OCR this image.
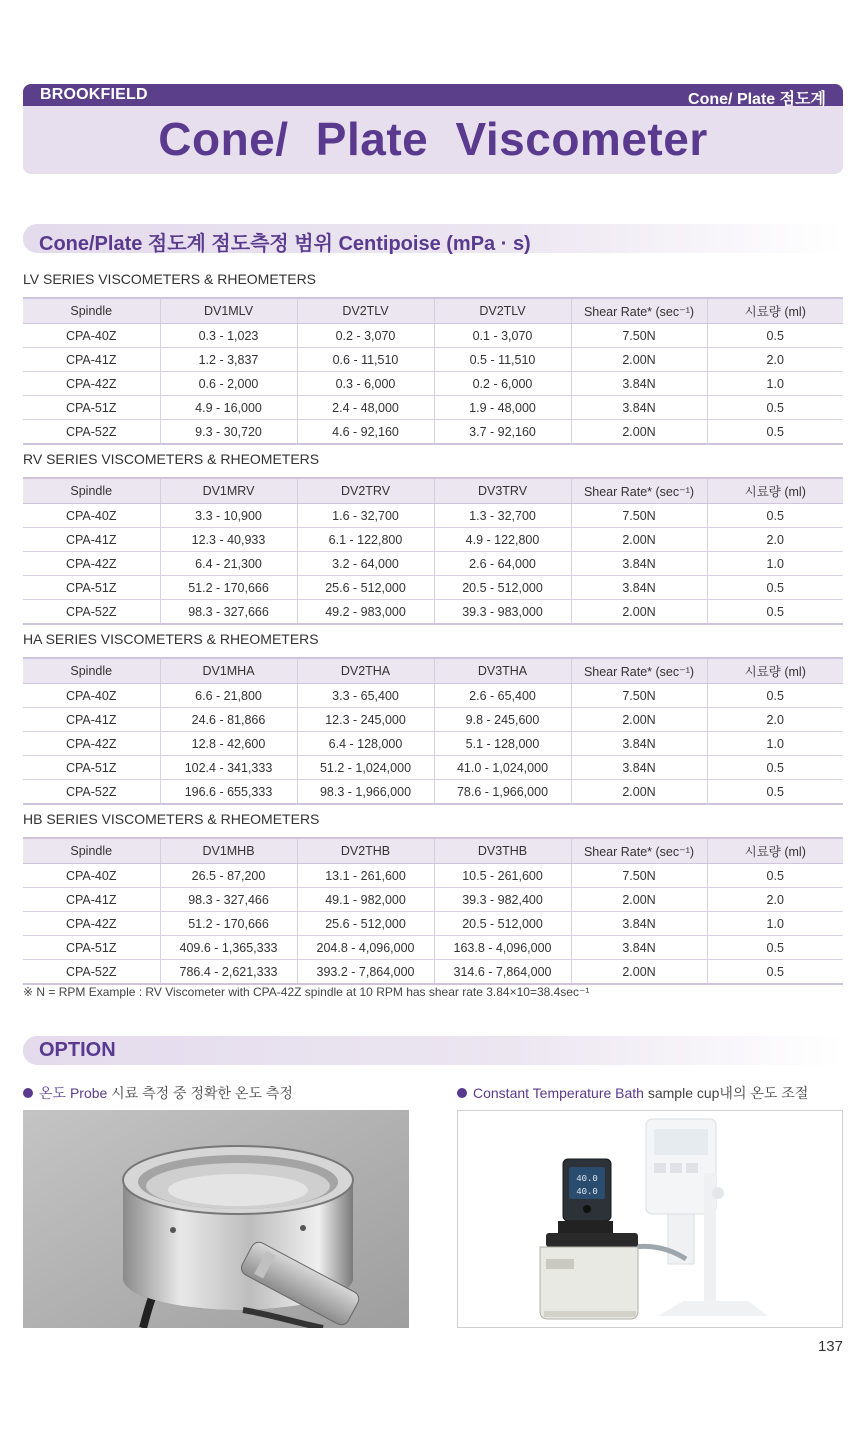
BROOKFIELD	Cone/ Plate 점도계
Cone/ Plate Viscometer
Cone/Plate 점도계 점도측정 범위 Centipoise (mPa · s)
LV SERIES VISCOMETERS & RHEOMETERS
Spindle	DV1MLV	DV2TLV	DV2TLV	Shear Rate* (sec⁻¹)	시료량 (ml)
CPA-40Z	0.3 - 1,023	0.2 - 3,070	0.1 - 3,070	7.50N	0.5
CPA-41Z	1.2 - 3,837	0.6 - 11,510	0.5 - 11,510	2.00N	2.0
CPA-42Z	0.6 - 2,000	0.3 - 6,000	0.2 - 6,000	3.84N	1.0
CPA-51Z	4.9 - 16,000	2.4 - 48,000	1.9 - 48,000	3.84N	0.5
CPA-52Z	9.3 - 30,720	4.6 - 92,160	3.7 - 92,160	2.00N	0.5
RV SERIES VISCOMETERS & RHEOMETERS
Spindle	DV1MRV	DV2TRV	DV3TRV	Shear Rate* (sec⁻¹)	시료량 (ml)
CPA-40Z	3.3 - 10,900	1.6 - 32,700	1.3 - 32,700	7.50N	0.5
CPA-41Z	12.3 - 40,933	6.1 - 122,800	4.9 - 122,800	2.00N	2.0
CPA-42Z	6.4 - 21,300	3.2 - 64,000	2.6 - 64,000	3.84N	1.0
CPA-51Z	51.2 - 170,666	25.6 - 512,000	20.5 - 512,000	3.84N	0.5
CPA-52Z	98.3 - 327,666	49.2 - 983,000	39.3 - 983,000	2.00N	0.5
HA SERIES VISCOMETERS & RHEOMETERS
Spindle	DV1MHA	DV2THA	DV3THA	Shear Rate* (sec⁻¹)	시료량 (ml)
CPA-40Z	6.6 - 21,800	3.3 - 65,400	2.6 - 65,400	7.50N	0.5
CPA-41Z	24.6 - 81,866	12.3 - 245,000	9.8 - 245,600	2.00N	2.0
CPA-42Z	12.8 - 42,600	6.4 - 128,000	5.1 - 128,000	3.84N	1.0
CPA-51Z	102.4 - 341,333	51.2 - 1,024,000	41.0 - 1,024,000	3.84N	0.5
CPA-52Z	196.6 - 655,333	98.3 - 1,966,000	78.6 - 1,966,000	2.00N	0.5
HB SERIES VISCOMETERS & RHEOMETERS
Spindle	DV1MHB	DV2THB	DV3THB	Shear Rate* (sec⁻¹)	시료량 (ml)
CPA-40Z	26.5 - 87,200	13.1 - 261,600	10.5 - 261,600	7.50N	0.5
CPA-41Z	98.3 - 327,466	49.1 - 982,000	39.3 - 982,400	2.00N	2.0
CPA-42Z	51.2 - 170,666	25.6 - 512,000	20.5 - 512,000	3.84N	1.0
CPA-51Z	409.6 - 1,365,333	204.8 - 4,096,000	163.8 - 4,096,000	3.84N	0.5
CPA-52Z	786.4 - 2,621,333	393.2 - 7,864,000	314.6 - 7,864,000	2.00N	0.5
※ N = RPM Example : RV Viscometer with CPA-42Z spindle at 10 RPM has shear rate 3.84×10=38.4sec⁻¹
OPTION
온도 Probe 시료 측정 중 정확한 온도 측정	Constant Temperature Bath sample cup내의 온도 조절
40.0
40.0
137
